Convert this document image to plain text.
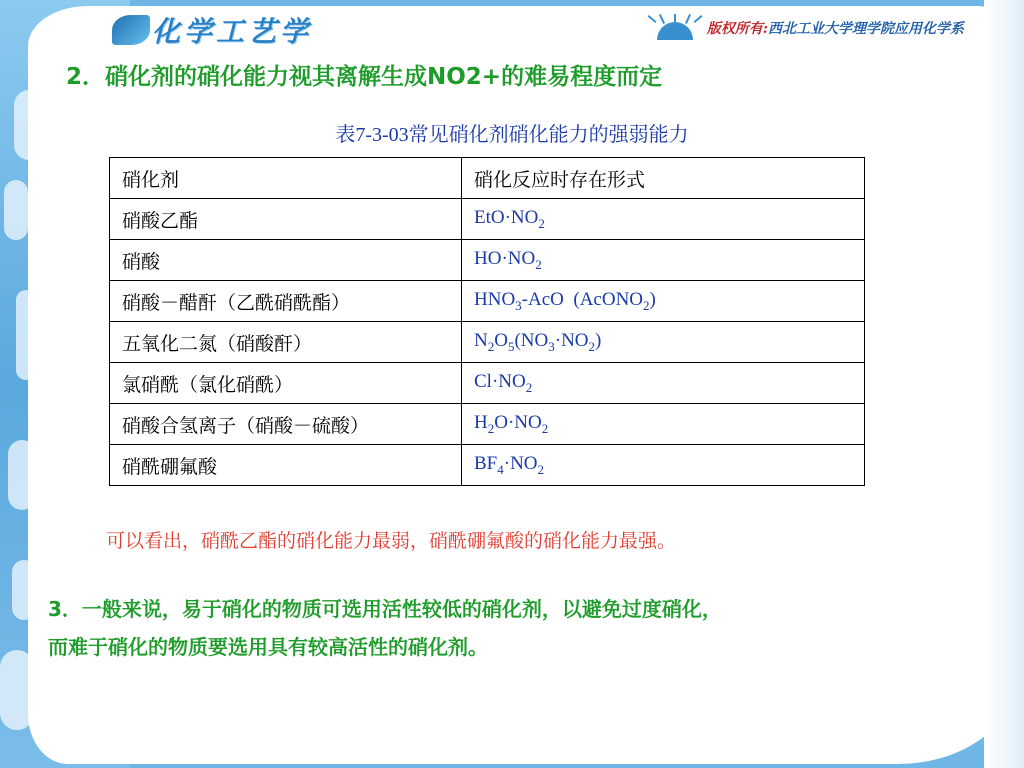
化学工艺学	版权所有: 西北工业大学理学院应用化学系
2．硝化剂的硝化能力视其离解生成NO2+的难易程度而定
表7-3-03常见硝化剂硝化能力的强弱能力
硝化剂	硝化反应时存在形式
硝酸乙酯	$EtO\cdot NO_2$
硝酸	$HO\cdot NO_2$
硝酸－醋酐（乙酰硝酰酯）	$HNO_3$-AcO  (AcONO$_2$)
五氧化二氮（硝酸酐）	$N_2O_5(NO_3\cdot NO_2)$
氯硝酰（氯化硝酰）	$Cl\cdot NO_2$
硝酸合氢离子（硝酸－硫酸）	$H_2O\cdot NO_2$
硝酰硼氟酸	$BF_4\cdot NO_2$
可以看出，硝酰乙酯的硝化能力最弱，硝酰硼氟酸的硝化能力最强。
3．一般来说，易于硝化的物质可选用活性较低的硝化剂，以避免过度硝化，
而难于硝化的物质要选用具有较高活性的硝化剂。
